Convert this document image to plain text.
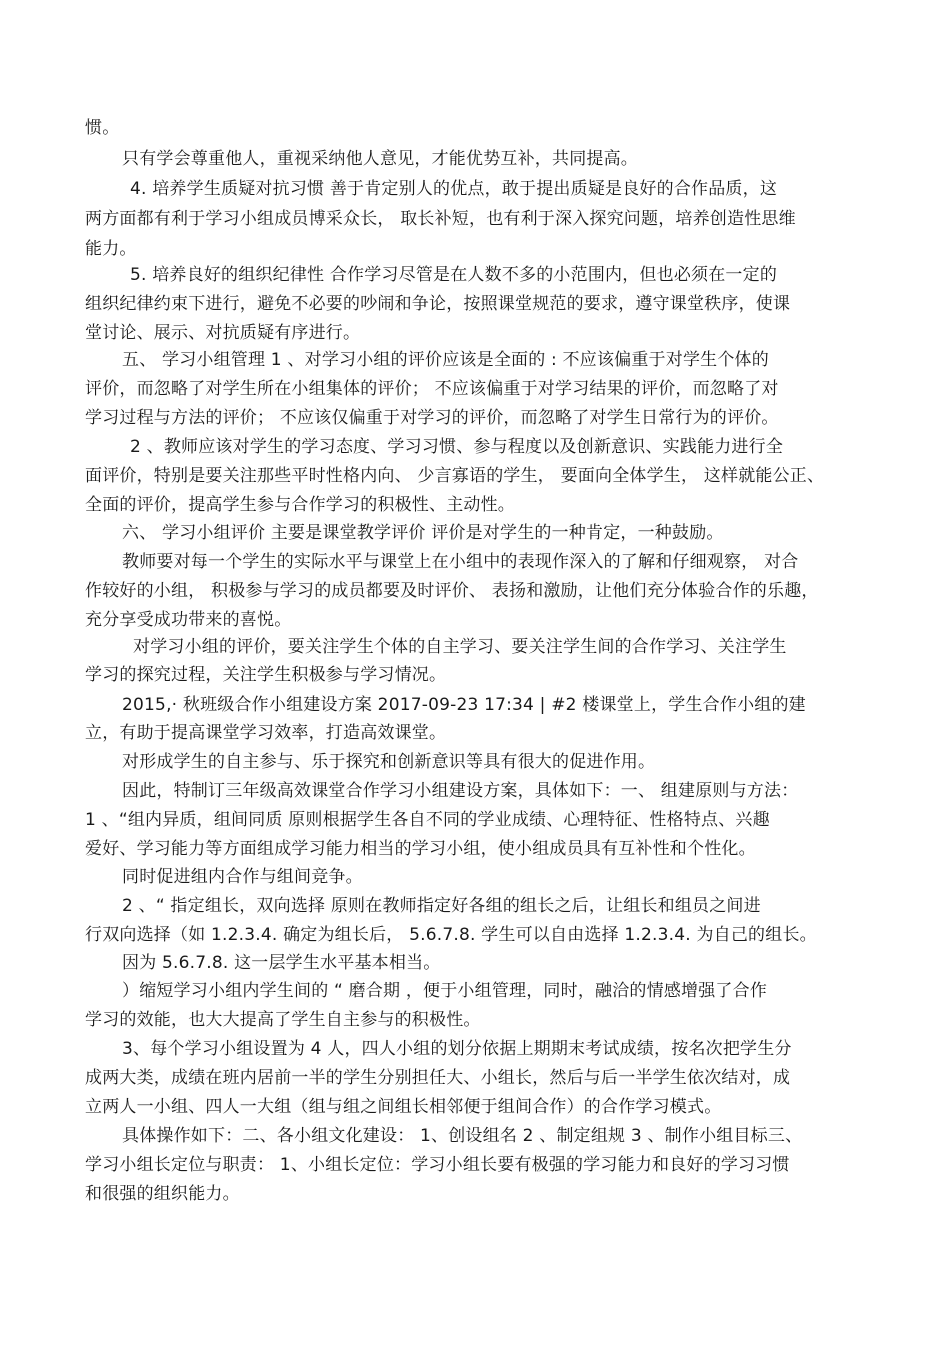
惯。
只有学会尊重他人，重视采纳他人意见，才能优势互补，共同提高。
4. 培养学生质疑对抗习惯 善于肯定别人的优点，敢于提出质疑是良好的合作品质，这
两方面都有利于学习小组成员博采众长， 取长补短，也有利于深入探究问题，培养创造性思维
能力。
5. 培养良好的组织纪律性 合作学习尽管是在人数不多的小范围内，但也必须在一定的
组织纪律约束下进行，避免不必要的吵闹和争论，按照课堂规范的要求，遵守课堂秩序，使课
堂讨论、展示、对抗质疑有序进行。
五、 学习小组管理 1 、对学习小组的评价应该是全面的 : 不应该偏重于对学生个体的
评价，而忽略了对学生所在小组集体的评价； 不应该偏重于对学习结果的评价，而忽略了对
学习过程与方法的评价； 不应该仅偏重于对学习的评价，而忽略了对学生日常行为的评价。
2 、教师应该对学生的学习态度、学习习惯、参与程度以及创新意识、实践能力进行全
面评价，特别是要关注那些平时性格内向、 少言寡语的学生， 要面向全体学生， 这样就能公正、
全面的评价，提高学生参与合作学习的积极性、主动性。
六、 学习小组评价 主要是课堂教学评价 评价是对学生的一种肯定，一种鼓励。
教师要对每一个学生的实际水平与课堂上在小组中的表现作深入的了解和仔细观察， 对合
作较好的小组， 积极参与学习的成员都要及时评价、 表扬和激励，让他们充分体验合作的乐趣，
充分享受成功带来的喜悦。
对学习小组的评价，要关注学生个体的自主学习、要关注学生间的合作学习、关注学生
学习的探究过程，关注学生积极参与学习情况。
2015,· 秋班级合作小组建设方案 2017-09-23 17:34 | #2 楼课堂上，学生合作小组的建
立，有助于提高课堂学习效率，打造高效课堂。
对形成学生的自主参与、乐于探究和创新意识等具有很大的促进作用。
因此，特制订三年级高效课堂合作学习小组建设方案，具体如下：一、 组建原则与方法：
1 、“组内异质，组间同质 原则根据学生各自不同的学业成绩、心理特征、性格特点、兴趣
爱好、学习能力等方面组成学习能力相当的学习小组，使小组成员具有互补性和个性化。
同时促进组内合作与组间竞争。
2 、“ 指定组长，双向选择 原则在教师指定好各组的组长之后，让组长和组员之间进
行双向选择（如 1.2.3.4. 确定为组长后， 5.6.7.8. 学生可以自由选择 1.2.3.4. 为自己的组长。
因为 5.6.7.8. 这一层学生水平基本相当。
）缩短学习小组内学生间的 “ 磨合期 ，便于小组管理，同时，融洽的情感增强了合作
学习的效能，也大大提高了学生自主参与的积极性。
3、每个学习小组设置为 4 人，四人小组的划分依据上期期末考试成绩，按名次把学生分
成两大类，成绩在班内居前一半的学生分别担任大、小组长，然后与后一半学生依次结对，成
立两人一小组、四人一大组（组与组之间组长相邻便于组间合作）的合作学习模式。
具体操作如下：二、各小组文化建设： 1、创设组名 2 、制定组规 3 、制作小组目标三、
学习小组长定位与职责： 1、小组长定位：学习小组长要有极强的学习能力和良好的学习习惯
和很强的组织能力。
